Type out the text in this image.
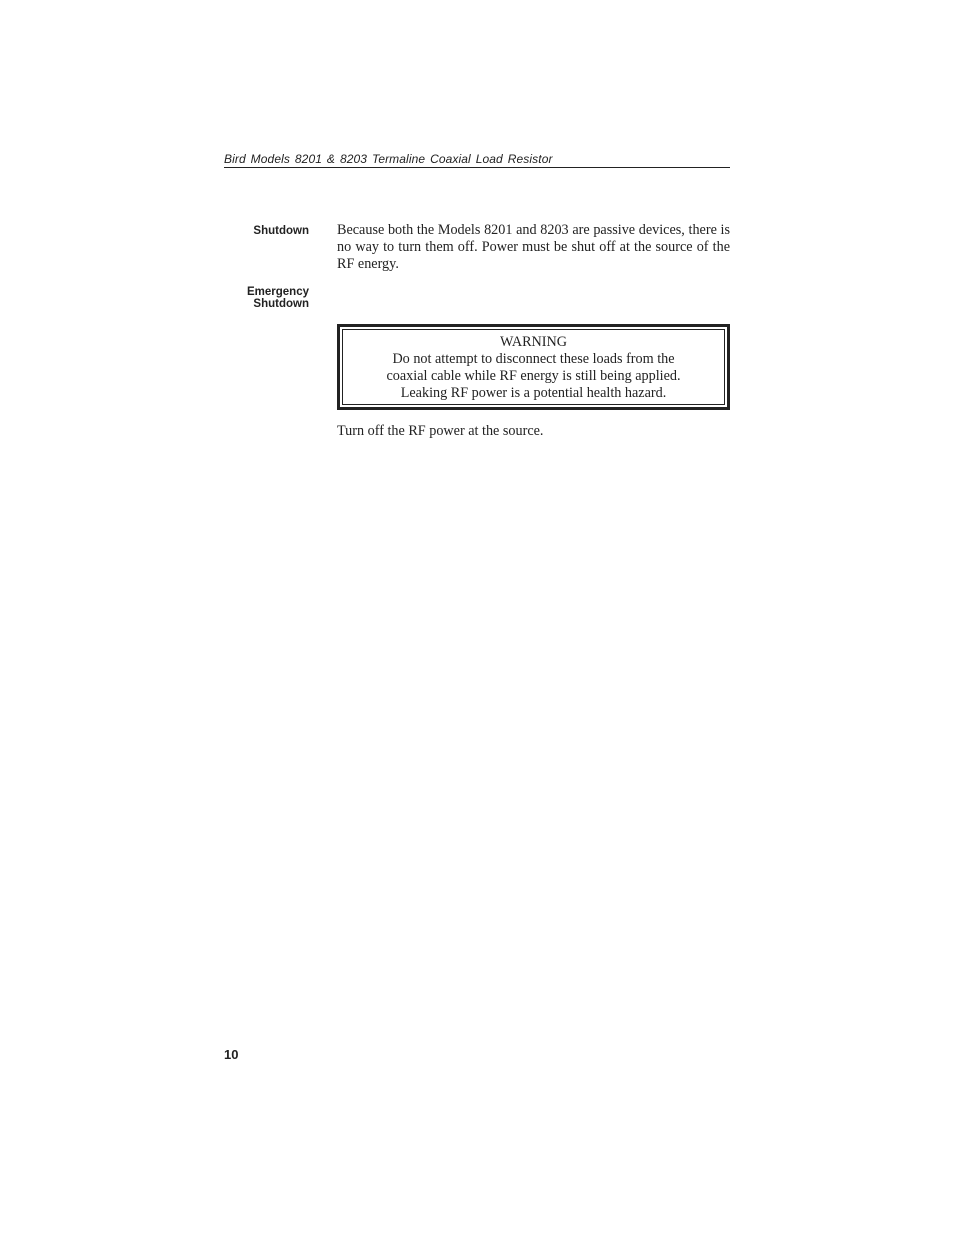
Bird Models 8201 & 8203 Termaline Coaxial Load Resistor
Shutdown Because both the Models 8201 and 8203 are passive devices, there is no way to turn them off. Power must be shut off at the source of the RF energy.

Emergency
Shutdown
WARNING
Do not attempt to disconnect these loads from the
coaxial cable while RF energy is still being applied.
Leaking RF power is a potential health hazard.

Turn off the RF power at the source.

10
